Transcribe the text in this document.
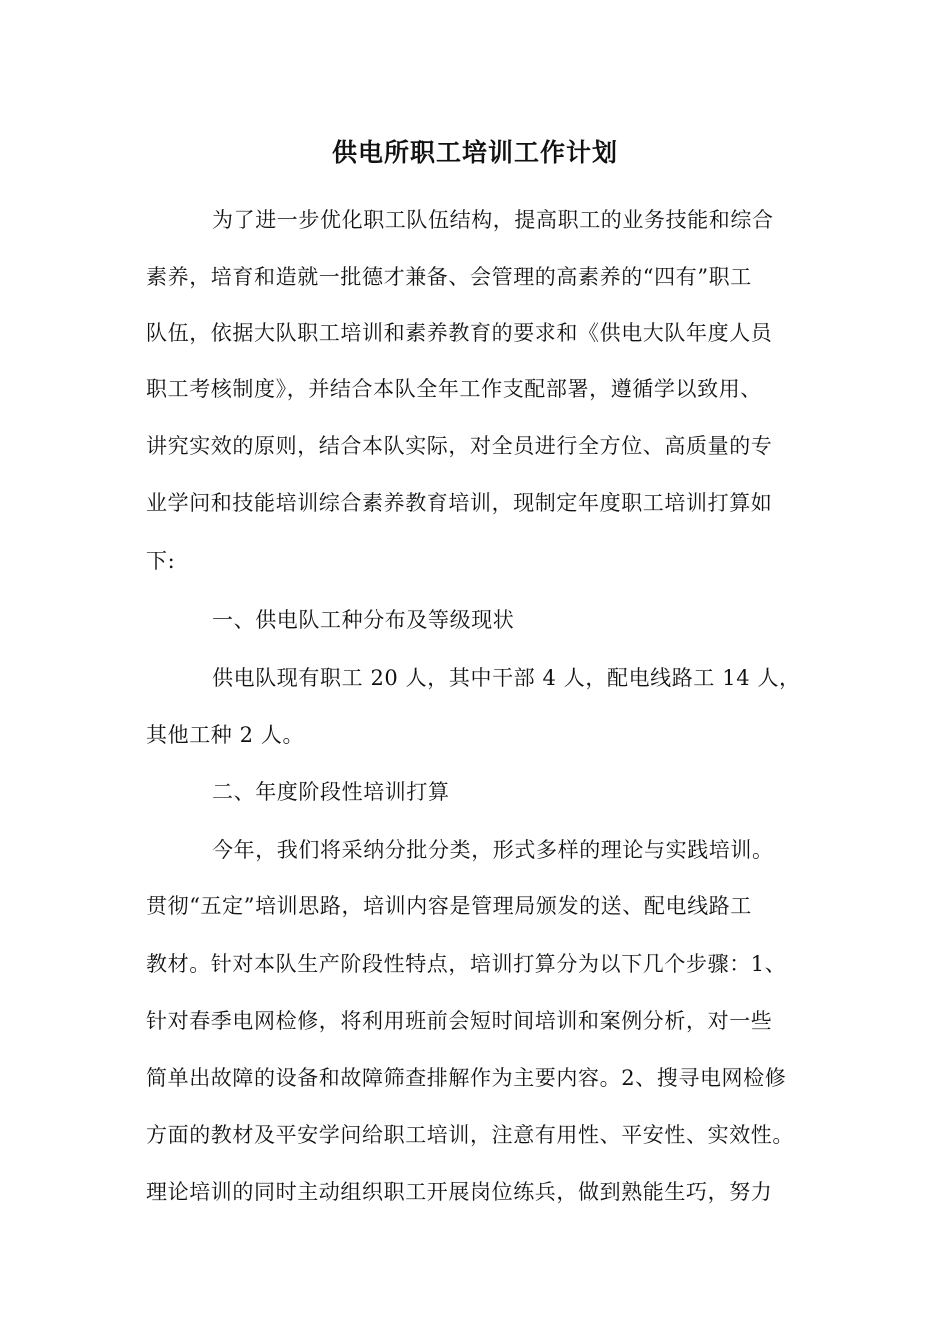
供电所职工培训工作计划

为了进一步优化职工队伍结构，提高职工的业务技能和综合

素养，培育和造就一批德才兼备、会管理的高素养的“四有”职工

队伍，依据大队职工培训和素养教育的要求和《供电大队年度人员

职工考核制度》，并结合本队全年工作支配部署，遵循学以致用、

讲究实效的原则，结合本队实际，对全员进行全方位、高质量的专

业学问和技能培训综合素养教育培训，现制定年度职工培训打算如

下:

一、供电队工种分布及等级现状

供电队现有职工 20 人，其中干部 4 人，配电线路工 14 人，

其他工种 2 人。

二、年度阶段性培训打算

今年，我们将采纳分批分类，形式多样的理论与实践培训。

贯彻“五定”培训思路，培训内容是管理局颁发的送、配电线路工

教材。针对本队生产阶段性特点，培训打算分为以下几个步骤：1、

针对春季电网检修，将利用班前会短时间培训和案例分析，对一些

简单出故障的设备和故障筛查排解作为主要内容。2、搜寻电网检修

方面的教材及平安学问给职工培训，注意有用性、平安性、实效性。

理论培训的同时主动组织职工开展岗位练兵，做到熟能生巧，努力
